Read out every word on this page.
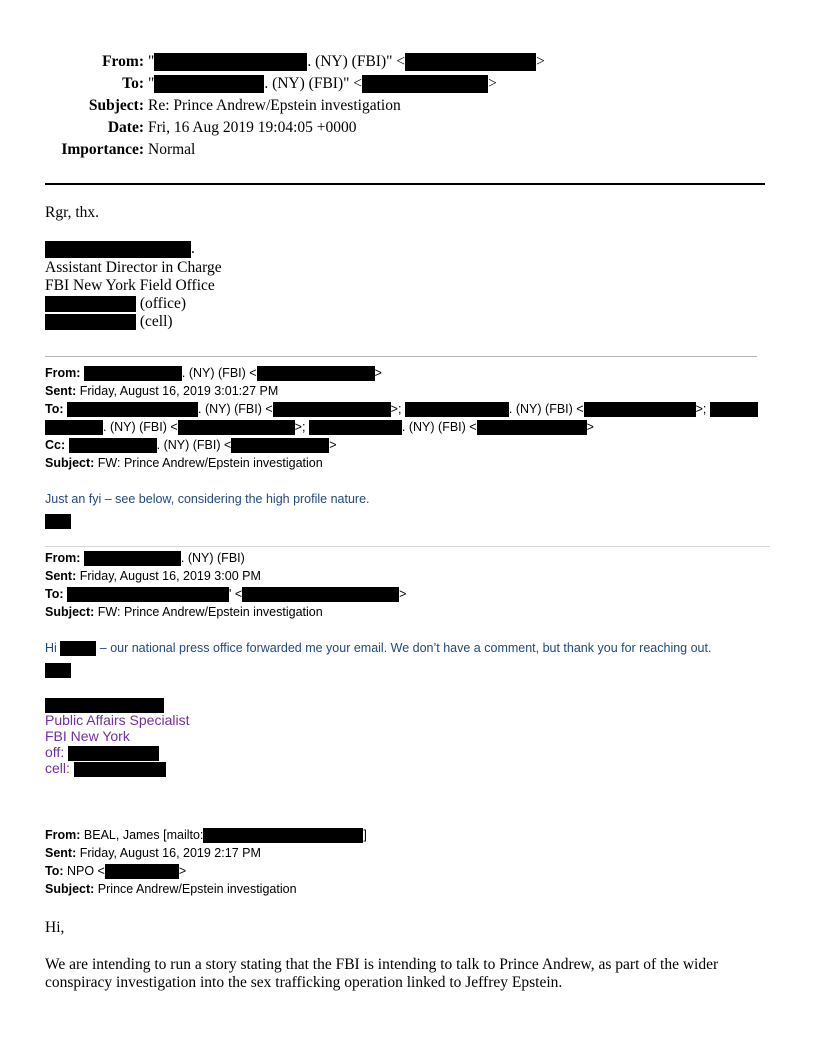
From: "	. (NY) (FBI)" <	>
To: "	. (NY) (FBI)" <	>
Subject: Re: Prince Andrew/Epstein investigation
Date: Fri, 16 Aug 2019 19:04:05 +0000
Importance: Normal
Rgr, thx.
.
Assistant Director in Charge
FBI New York Field Office
(office)
(cell)
From:	. (NY) (FBI) <	>
Sent: Friday, August 16, 2019 3:01:27 PM
To:	. (NY) (FBI) <	>;	. (NY) (FBI) <	>;
. (NY) (FBI) <	>;	. (NY) (FBI) <	>
Cc:	. (NY) (FBI) <	>
Subject: FW: Prince Andrew/Epstein investigation
Just an fyi – see below, considering the high profile nature.
From:	. (NY) (FBI)
Sent: Friday, August 16, 2019 3:00 PM
To:	' <	>
Subject: FW: Prince Andrew/Epstein investigation
Hi	– our national press office forwarded me your email. We don’t have a comment, but thank you for reaching out.
Public Affairs Specialist
FBI New York
off:
cell:
From: BEAL, James [mailto:	]
Sent: Friday, August 16, 2019 2:17 PM
To: NPO <	>
Subject: Prince Andrew/Epstein investigation
Hi,
We are intending to run a story stating that the FBI is intending to talk to Prince Andrew, as part of the wider
conspiracy investigation into the sex trafficking operation linked to Jeffrey Epstein.
